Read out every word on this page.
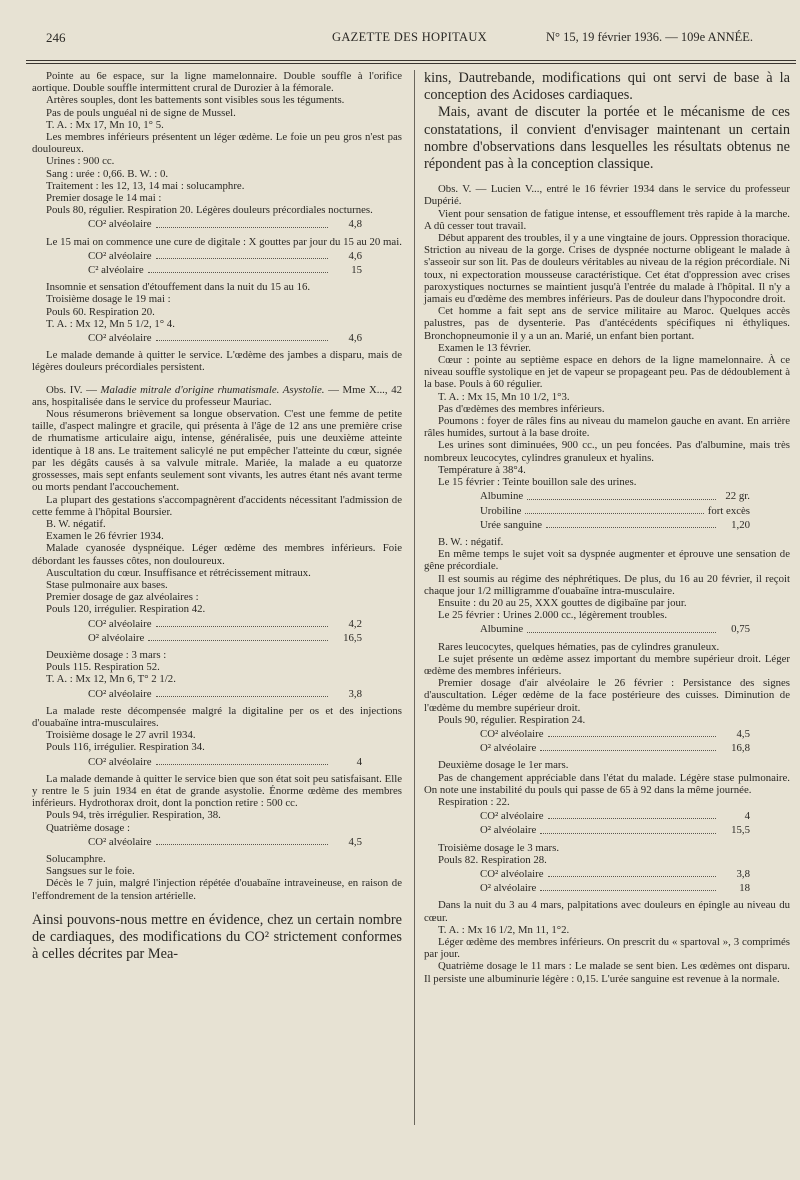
246	GAZETTE DES HOPITAUX	N° 15, 19 février 1936. — 109e ANNÉE.

Pointe au 6e espace, sur la ligne mamelonnaire. Double souffle à l'orifice aortique. Double souffle intermittent crural de Durozier à la fémorale.

Artères souples, dont les battements sont visibles sous les téguments.

Pas de pouls unguéal ni de signe de Mussel.

T. A. : Mx 17, Mn 10, 1° 5.

Les membres inférieurs présentent un léger œdème. Le foie un peu gros n'est pas douloureux.

Urines : 900 cc.

Sang : urée : 0,66. B. W. : 0.

Traitement : les 12, 13, 14 mai : solucamphre.

Premier dosage le 14 mai :

Pouls 80, régulier. Respiration 20. Légères douleurs précordiales nocturnes.

CO² alvéolaire	4,8

Le 15 mai on commence une cure de digitale : X gouttes par jour du 15 au 20 mai.

CO² alvéolaire	4,6
C² alvéolaire	15

Insomnie et sensation d'étouffement dans la nuit du 15 au 16.

Troisième dosage le 19 mai :

Pouls 60. Respiration 20.

T. A. : Mx 12, Mn 5 1/2, 1° 4.

CO² alvéolaire	4,6

Le malade demande à quitter le service. L'œdème des jambes a disparu, mais de légères douleurs précordiales persistent.

Obs. IV. — Maladie mitrale d'origine rhumatismale. Asystolie. — Mme X..., 42 ans, hospitalisée dans le service du professeur Mauriac.

Nous résumerons brièvement sa longue observation. C'est une femme de petite taille, d'aspect malingre et gracile, qui présenta à l'âge de 12 ans une première crise de rhumatisme articulaire aigu, intense, généralisée, puis une deuxième atteinte identique à 18 ans. Le traitement salicylé ne put empêcher l'atteinte du cœur, signée par les dégâts causés à sa valvule mitrale. Mariée, la malade a eu quatorze grossesses, mais sept enfants seulement sont vivants, les autres étant nés avant terme ou morts pendant l'accouchement.

La plupart des gestations s'accompagnèrent d'accidents nécessitant l'admission de cette femme à l'hôpital Boursier.

B. W. négatif.

Examen le 26 février 1934.

Malade cyanosée dyspnéique. Léger œdème des membres inférieurs. Foie débordant les fausses côtes, non douloureux.

Auscultation du cœur. Insuffisance et rétrécissement mitraux.

Stase pulmonaire aux bases.

Premier dosage de gaz alvéolaires :

Pouls 120, irrégulier. Respiration 42.

CO² alvéolaire	4,2
O² alvéolaire	16,5

Deuxième dosage : 3 mars :

Pouls 115. Respiration 52.

T. A. : Mx 12, Mn 6, T° 2 1/2.

CO² alvéolaire	3,8

La malade reste décompensée malgré la digitaline per os et des injections d'ouabaïne intra-musculaires.

Troisième dosage le 27 avril 1934.

Pouls 116, irrégulier. Respiration 34.

CO² alvéolaire	4

La malade demande à quitter le service bien que son état soit peu satisfaisant. Elle y rentre le 5 juin 1934 en état de grande asystolie. Énorme œdème des membres inférieurs. Hydrothorax droit, dont la ponction retire : 500 cc.

Pouls 94, très irrégulier. Respiration, 38.

Quatrième dosage :

CO² alvéolaire	4,5

Solucamphre.

Sangsues sur le foie.

Décès le 7 juin, malgré l'injection répétée d'ouabaïne intraveineuse, en raison de l'effondrement de la tension artérielle.

Ainsi pouvons-nous mettre en évidence, chez un certain nombre de cardiaques, des modifications du CO² strictement conformes à celles décrites par Mea-

kins, Dautrebande, modifications qui ont servi de base à la conception des Acidoses cardiaques.

Mais, avant de discuter la portée et le mécanisme de ces constatations, il convient d'envisager maintenant un certain nombre d'observations dans lesquelles les résultats obtenus ne répondent pas à la conception classique.

Obs. V. — Lucien V..., entré le 16 février 1934 dans le service du professeur Dupérié.

Vient pour sensation de fatigue intense, et essoufflement très rapide à la marche. A dû cesser tout travail.

Début apparent des troubles, il y a une vingtaine de jours. Oppression thoracique. Striction au niveau de la gorge. Crises de dyspnée nocturne obligeant le malade à s'asseoir sur son lit. Pas de douleurs véritables au niveau de la région précordiale. Ni toux, ni expectoration mousseuse caractéristique. Cet état d'oppression avec crises paroxystiques nocturnes se maintient jusqu'à l'entrée du malade à l'hôpital. Il n'y a jamais eu d'œdème des membres inférieurs. Pas de douleur dans l'hypocondre droit.

Cet homme a fait sept ans de service militaire au Maroc. Quelques accès palustres, pas de dysenterie. Pas d'antécédents spécifiques ni éthyliques. Bronchopneumonie il y a un an. Marié, un enfant bien portant.

Examen le 13 février.

Cœur : pointe au septième espace en dehors de la ligne mamelonnaire. À ce niveau souffle systolique en jet de vapeur se propageant peu. Pas de dédoublement à la base. Pouls à 60 régulier.

T. A. : Mx 15, Mn 10 1/2, 1°3.

Pas d'œdèmes des membres inférieurs.

Poumons : foyer de râles fins au niveau du mamelon gauche en avant. En arrière râles humides, surtout à la base droite.

Les urines sont diminuées, 900 cc., un peu foncées. Pas d'albumine, mais très nombreux leucocytes, cylindres granuleux et hyalins.

Température à 38°4.

Le 15 février : Teinte bouillon sale des urines.

Albumine	22 gr.
Urobiline	fort excès
Urée sanguine	1,20

B. W. : négatif.

En même temps le sujet voit sa dyspnée augmenter et éprouve une sensation de gêne précordiale.

Il est soumis au régime des néphrétiques. De plus, du 16 au 20 février, il reçoit chaque jour 1/2 milligramme d'ouabaïne intra-musculaire.

Ensuite : du 20 au 25, XXX gouttes de digibaïne par jour.

Le 25 février : Urines 2.000 cc., légèrement troubles.

Albumine	0,75

Rares leucocytes, quelques hématies, pas de cylindres granuleux.

Le sujet présente un œdème assez important du membre supérieur droit. Léger œdème des membres inférieurs.

Premier dosage d'air alvéolaire le 26 février : Persistance des signes d'auscultation. Léger œdème de la face postérieure des cuisses. Diminution de l'œdème du membre supérieur droit.

Pouls 90, régulier. Respiration 24.

CO² alvéolaire	4,5
O² alvéolaire	16,8

Deuxième dosage le 1er mars.

Pas de changement appréciable dans l'état du malade. Légère stase pulmonaire. On note une instabilité du pouls qui passe de 65 à 92 dans la même journée.

Respiration : 22.

CO² alvéolaire	4
O² alvéolaire	15,5

Troisième dosage le 3 mars.

Pouls 82. Respiration 28.

CO² alvéolaire	3,8
O² alvéolaire	18

Dans la nuit du 3 au 4 mars, palpitations avec douleurs en épingle au niveau du cœur.

T. A. : Mx 16 1/2, Mn 11, 1°2.

Léger œdème des membres inférieurs. On prescrit du « spartoval », 3 comprimés par jour.

Quatrième dosage le 11 mars : Le malade se sent bien. Les œdèmes ont disparu. Il persiste une albuminurie légère : 0,15. L'urée sanguine est revenue à la normale.
